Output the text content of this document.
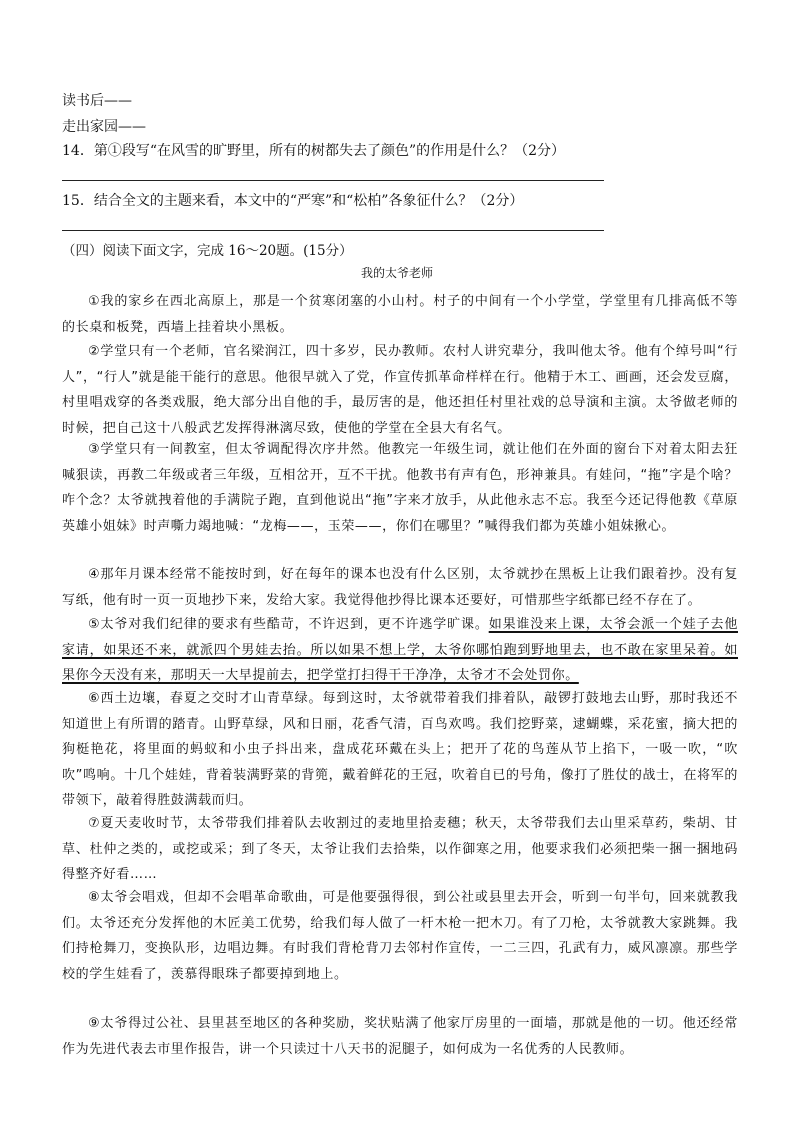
读书后——
走出家园——
14．第①段写“在风雪的旷野里，所有的树都失去了颜色”的作用是什么？（2分）
15．结合全文的主题来看，本文中的“严寒”和“松柏”各象征什么？（2分）
（四）阅读下面文字，完成 16～20题。(15分）
我的太爷老师

①我的家乡在西北高原上，那是一个贫寒闭塞的小山村。村子的中间有一个小学堂，学堂里有几排高低不等的长桌和板凳，西墙上挂着块小黑板。

②学堂只有一个老师，官名梁润江，四十多岁，民办教师。农村人讲究辈分，我叫他太爷。他有个绰号叫“行人”，“行人”就是能干能行的意思。他很早就入了党，作宣传抓革命样样在行。他精于木工、画画，还会发豆腐，村里唱戏穿的各类戏服，绝大部分出自他的手，最厉害的是，他还担任村里社戏的总导演和主演。太爷做老师的时候，把自己这十八般武艺发挥得淋漓尽致，使他的学堂在全县大有名气。

③学堂只有一间教室，但太爷调配得次序井然。他教完一年级生词，就让他们在外面的窗台下对着太阳去狂喊狠读，再教二年级或者三年级，互相岔开，互不干扰。他教书有声有色，形神兼具。有娃问，“拖”字是个啥？咋个念？太爷就拽着他的手满院子跑，直到他说出“拖”字来才放手，从此他永志不忘。我至今还记得他教《草原英雄小姐妹》时声嘶力竭地喊：“龙梅——，玉荣——，你们在哪里？”喊得我们都为英雄小姐妹揪心。

④那年月课本经常不能按时到，好在每年的课本也没有什么区别，太爷就抄在黑板上让我们跟着抄。没有复写纸，他有时一页一页地抄下来，发给大家。我觉得他抄得比课本还要好，可惜那些字纸都已经不存在了。

⑤太爷对我们纪律的要求有些酷苛，不许迟到，更不许逃学旷课。如果谁没来上课，太爷会派一个娃子去他家请，如果还不来，就派四个男娃去抬。所以如果不想上学，太爷你哪怕跑到野地里去，也不敢在家里呆着。如果你今天没有来，那明天一大早提前去，把学堂打扫得干干净净，太爷才不会处罚你。

⑥西土边壤，春夏之交时才山青草绿。每到这时，太爷就带着我们排着队，敲锣打鼓地去山野，那时我还不知道世上有所谓的踏青。山野草绿，风和日丽，花香气清，百鸟欢鸣。我们挖野菜，逮蝴蝶，采花蜜，摘大把的狗梃艳花，将里面的蚂蚁和小虫子抖出来，盘成花环戴在头上；把开了花的鸟莲从节上掐下，一吸一吹，“吹吹”鸣响。十几个娃娃，背着装满野菜的背篼，戴着鲜花的王冠，吹着自已的号角，像打了胜仗的战士，在将军的带领下，敲着得胜鼓满载而归。

⑦夏天麦收时节，太爷带我们排着队去收割过的麦地里拾麦穗；秋天，太爷带我们去山里采草药，柴胡、甘草、杜仲之类的，或挖或采；到了冬天，太爷让我们去拾柴，以作御寒之用，他要求我们必须把柴一捆一捆地码得整齐好看……

⑧太爷会唱戏，但却不会唱革命歌曲，可是他要强得很，到公社或县里去开会，听到一句半句，回来就教我们。太爷还充分发挥他的木匠美工优势，给我们每人做了一杆木枪一把木刀。有了刀枪，太爷就教大家跳舞。我们持枪舞刀，变换队形，边唱边舞。有时我们背枪背刀去邻村作宣传，一二三四，孔武有力，威风凛凛。那些学校的学生娃看了，羡慕得眼珠子都要掉到地上。

⑨太爷得过公社、县里甚至地区的各种奖励，奖状贴满了他家厅房里的一面墙，那就是他的一切。他还经常作为先进代表去市里作报告，讲一个只读过十八天书的泥腿子，如何成为一名优秀的人民教师。
